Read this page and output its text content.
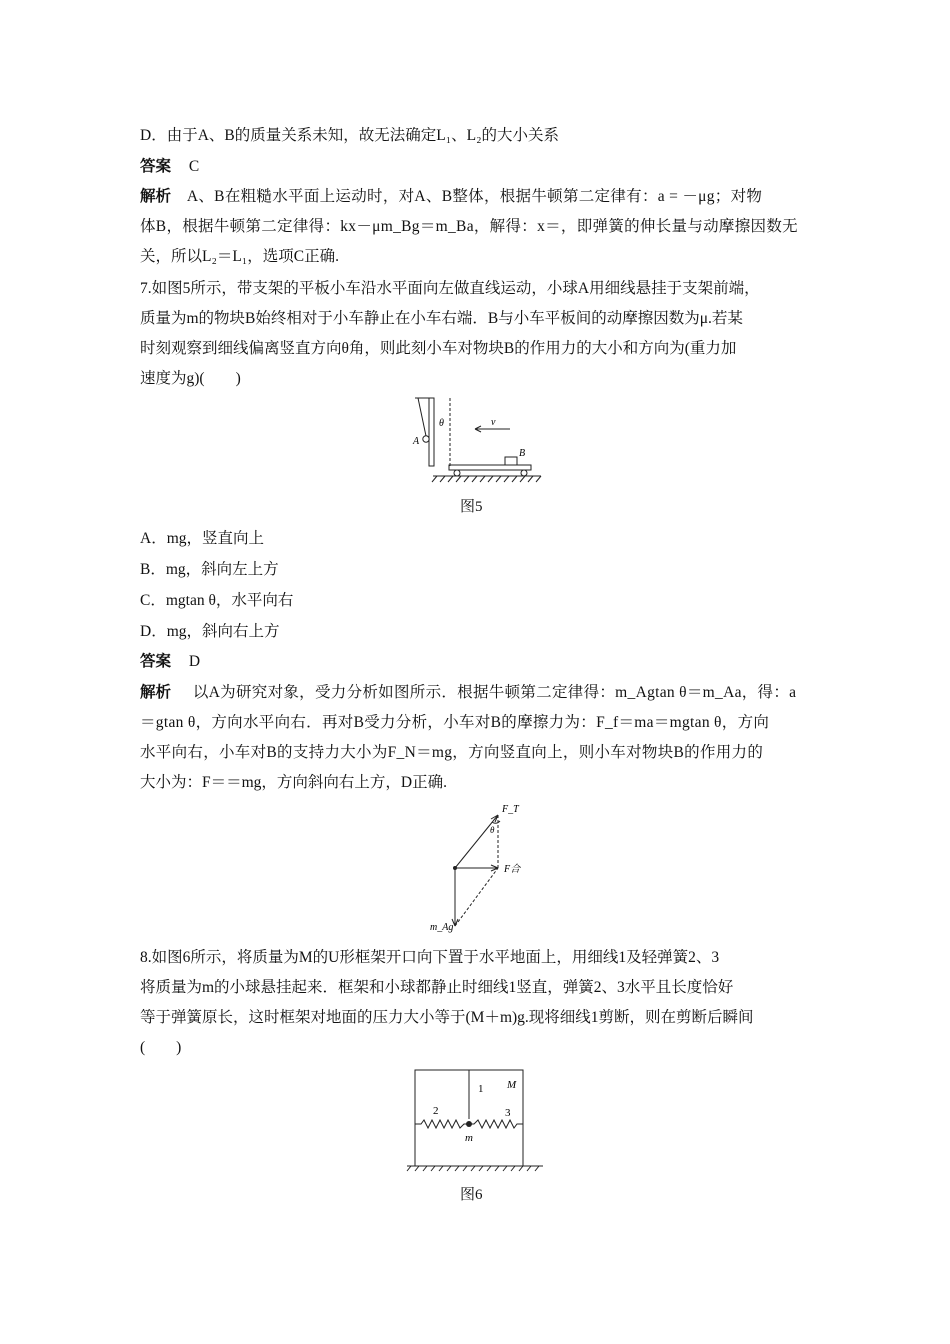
D．由于A、B的质量关系未知，故无法确定L₁、L₂的大小关系
答案 C
解析 A、B在粗糙水平面上运动时，对A、B整体，根据牛顿第二定律有：a = －μg；对物
体B，根据牛顿第二定律得：kx－μm_Bg＝m_Ba，解得：x＝，即弹簧的伸长量与动摩擦因数无
关，所以L₂＝L₁，选项C正确.
7.如图5所示，带支架的平板小车沿水平面向左做直线运动，小球A用细线悬挂于支架前端，
质量为m的物块B始终相对于小车静止在小车右端．B与小车平板间的动摩擦因数为μ.若某
时刻观察到细线偏离竖直方向θ角，则此刻小车对物块B的作用力的大小和方向为(重力加
速度为g)(　　)
θ	v
A
B
图5
A．mg，竖直向上
B．mg，斜向左上方
C．mgtan θ，水平向右
D．mg，斜向右上方
答案 D
解析 以A为研究对象，受力分析如图所示．根据牛顿第二定律得：m_Agtan θ＝m_Aa，得：a
＝gtan θ，方向水平向右．再对B受力分析，小车对B的摩擦力为：F_f＝ma＝mgtan θ，方向
水平向右，小车对B的支持力大小为F_N＝mg，方向竖直向上，则小车对物块B的作用力的
大小为：F＝＝mg，方向斜向右上方，D正确.
F_T
θ
F合
m_Ag
8.如图6所示，将质量为M的U形框架开口向下置于水平地面上，用细线1及轻弹簧2、3
将质量为m的小球悬挂起来．框架和小球都静止时细线1竖直，弹簧2、3水平且长度恰好
等于弹簧原长，这时框架对地面的压力大小等于(M＋m)g.现将细线1剪断，则在剪断后瞬间
(　　)
1 M
2	3
m
图6
